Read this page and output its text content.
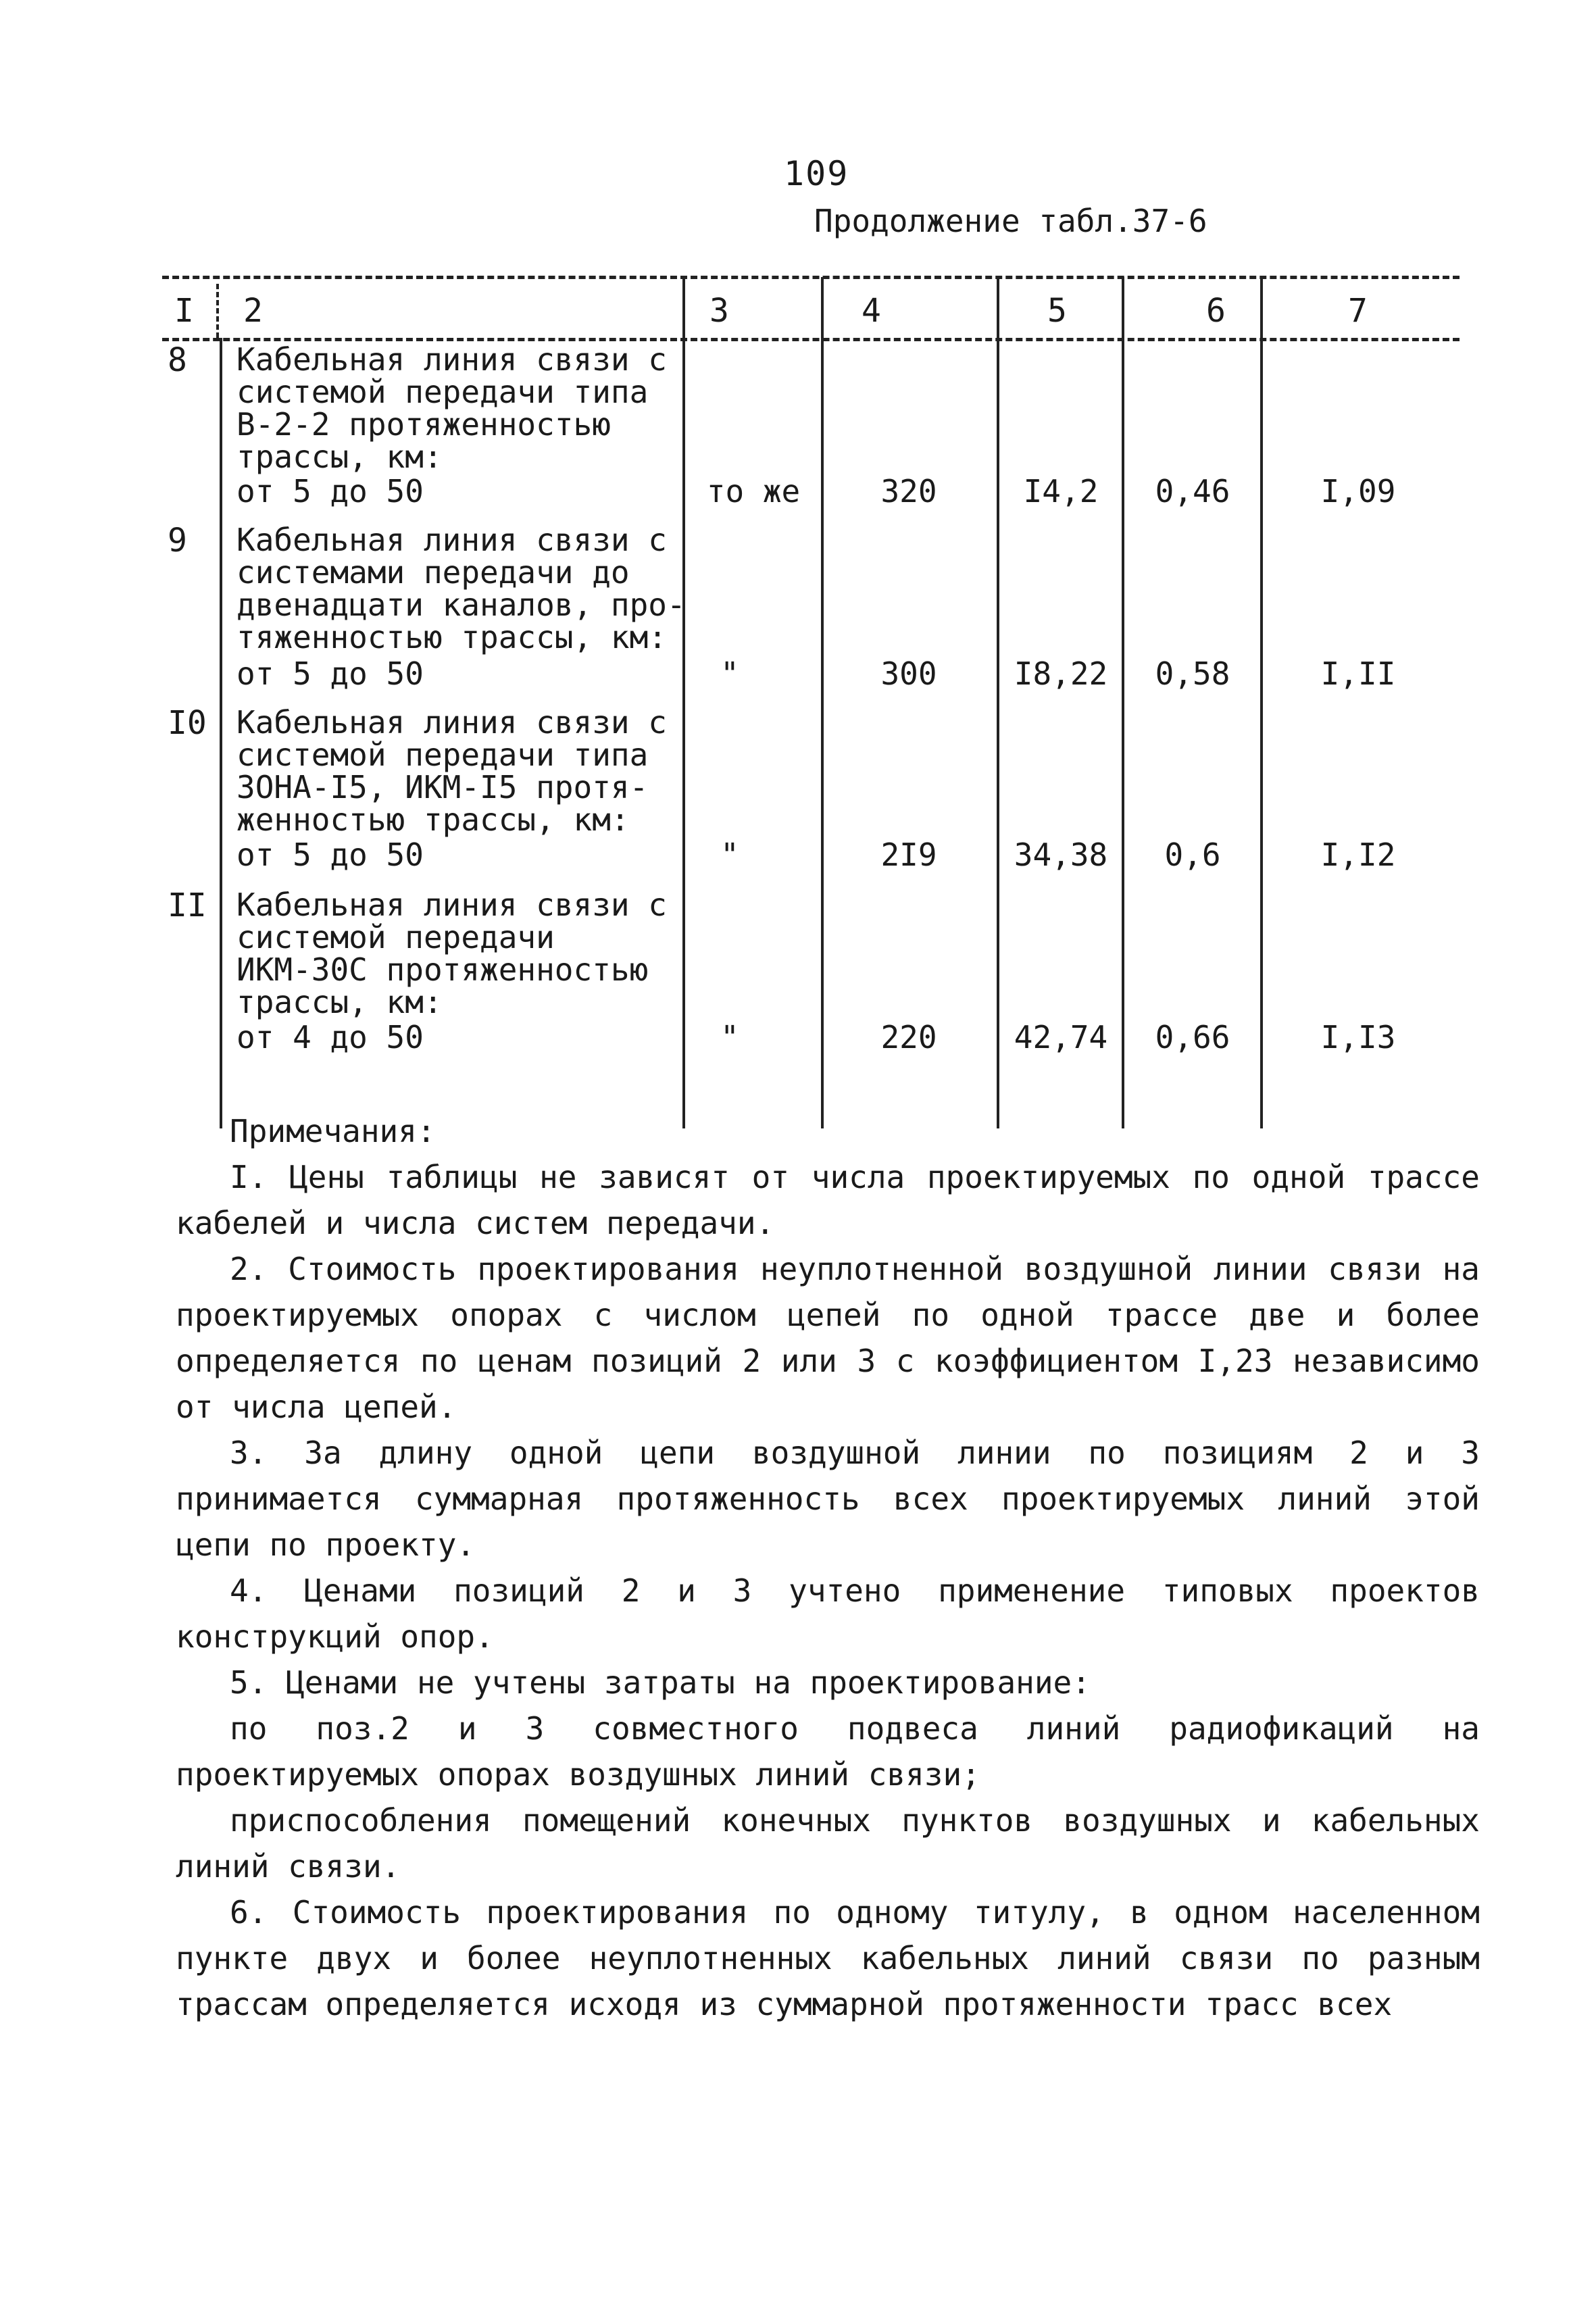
109
Продолжение табл.37-6
I 2	3	4	5	6	7
8 Кабельная линия связи с
системой передачи типа
В-2-2 протяженностью
трассы, км:
от 5 до 50	то же	320	I4,2	0,46	I,09
9 Кабельная линия связи с
системами передачи до
двенадцати каналов, про-
тяженностью трассы, км:
от 5 до 50	"	300	I8,22	0,58	I,II
I0 Кабельная линия связи с
системой передачи типа
ЗОНА-I5, ИКМ-I5 протя-
женностью трассы, км:
от 5 до 50	"	2I9	34,38	0,6	I,I2
II Кабельная линия связи с
системой передачи
ИКМ-30С протяженностью
трассы, км:
от 4 до 50	"	220	42,74	0,66	I,I3
Примечания:

I. Цены таблицы не зависят от числа проектируемых по одной трассе кабелей и числа систем передачи.

2. Стоимость проектирования неуплотненной воздушной линии связи на проектируемых опорах с числом цепей по одной трассе две и более определяется по ценам позиций 2 или 3 с коэффициентом I,23 независимо от числа цепей.

3. За длину одной цепи воздушной линии по позициям 2 и 3 принимается суммарная протяженность всех проектируемых линий этой цепи по проекту.

4. Ценами позиций 2 и 3 учтено применение типовых проектов конструкций опор.

5. Ценами не учтены затраты на проектирование:

по поз.2 и 3 совместного подвеса линий радиофикаций на проектируемых опорах воздушных линий связи;

приспособления помещений конечных пунктов воздушных и кабельных линий связи.

6. Стоимость проектирования по одному титулу, в одном населенном пункте двух и более неуплотненных кабельных линий связи по разным трассам определяется исходя из суммарной протяженности трасс всех
